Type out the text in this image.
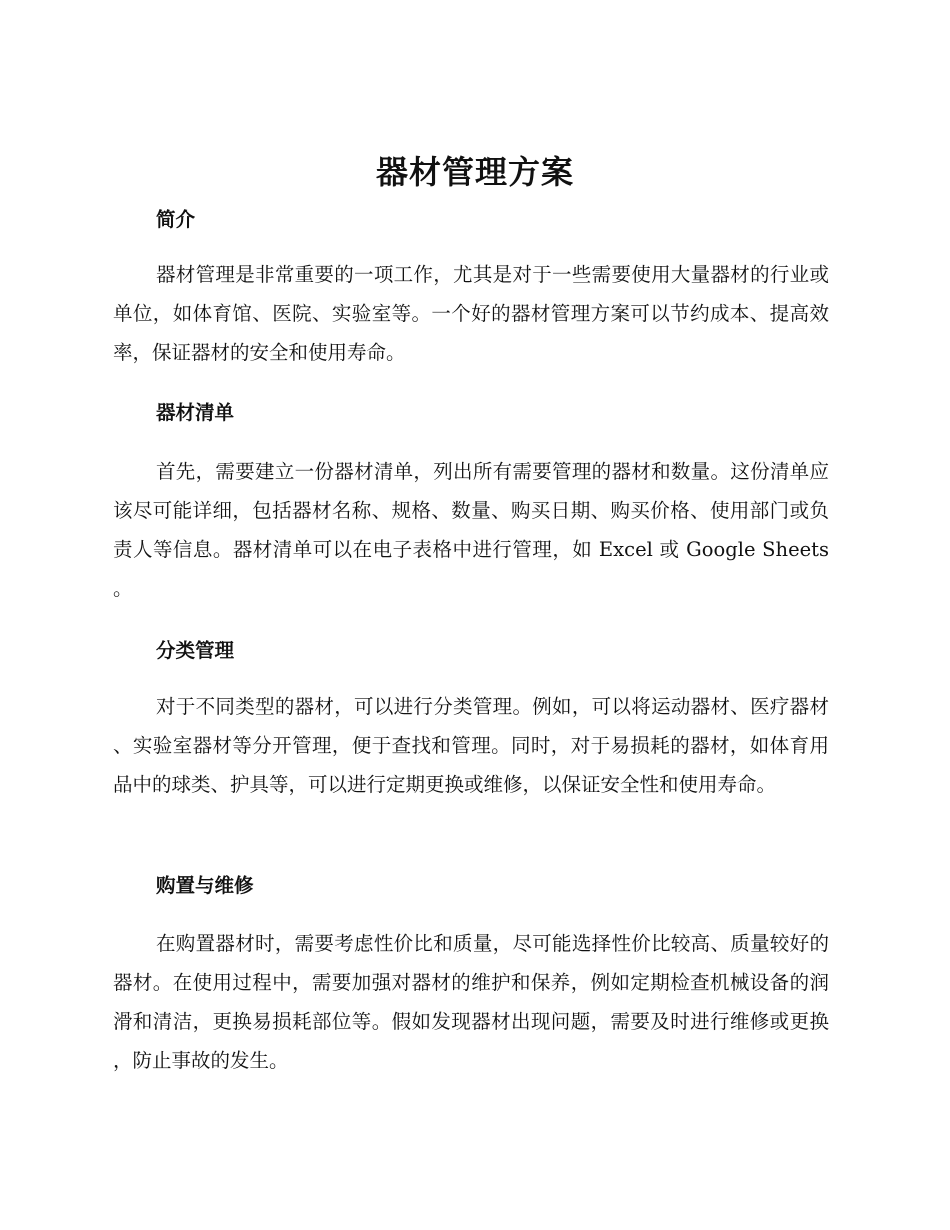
器材管理方案
简介

器材管理是非常重要的一项工作，尤其是对于一些需要使用大量器材的行业或单位，如体育馆、医院、实验室等。一个好的器材管理方案可以节约成本、提高效率，保证器材的安全和使用寿命。

器材清单

首先，需要建立一份器材清单，列出所有需要管理的器材和数量。这份清单应该尽可能详细，包括器材名称、规格、数量、购买日期、购买价格、使用部门或负责人等信息。器材清单可以在电子表格中进行管理，如 Excel 或 Google Sheets。

分类管理

对于不同类型的器材，可以进行分类管理。例如，可以将运动器材、医疗器材、实验室器材等分开管理，便于查找和管理。同时，对于易损耗的器材，如体育用品中的球类、护具等，可以进行定期更换或维修，以保证安全性和使用寿命。

购置与维修

在购置器材时，需要考虑性价比和质量，尽可能选择性价比较高、质量较好的器材。在使用过程中，需要加强对器材的维护和保养，例如定期检查机械设备的润滑和清洁，更换易损耗部位等。假如发现器材出现问题，需要及时进行维修或更换，防止事故的发生。
